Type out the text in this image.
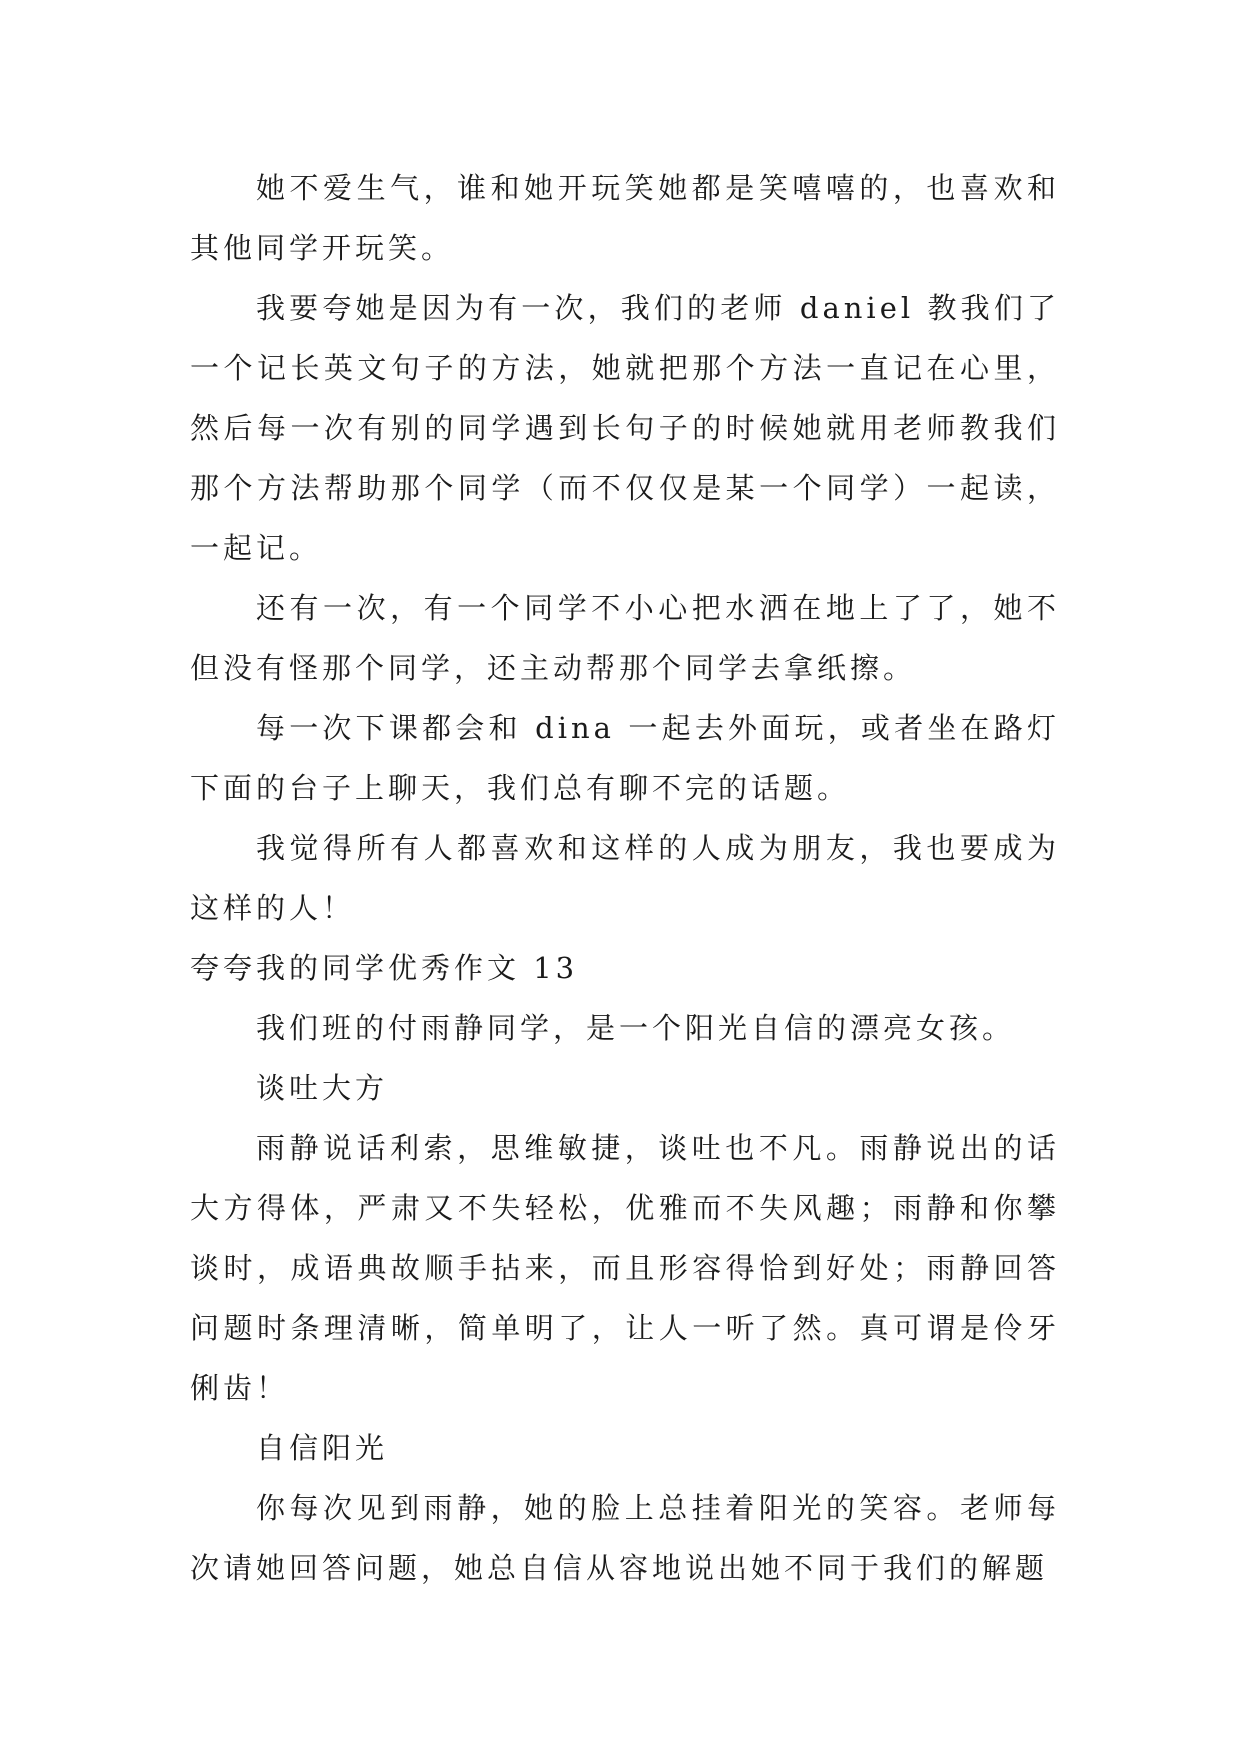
她不爱生气，谁和她开玩笑她都是笑嘻嘻的，也喜欢和其他同学开玩笑。

我要夸她是因为有一次，我们的老师 daniel 教我们了一个记长英文句子的方法，她就把那个方法一直记在心里，然后每一次有别的同学遇到长句子的时候她就用老师教我们那个方法帮助那个同学（而不仅仅是某一个同学）一起读，一起记。

还有一次，有一个同学不小心把水洒在地上了了，她不但没有怪那个同学，还主动帮那个同学去拿纸擦。

每一次下课都会和 dina 一起去外面玩，或者坐在路灯下面的台子上聊天，我们总有聊不完的话题。

我觉得所有人都喜欢和这样的人成为朋友，我也要成为这样的人！

夸夸我的同学优秀作文 13

我们班的付雨静同学，是一个阳光自信的漂亮女孩。

谈吐大方

雨静说话利索，思维敏捷，谈吐也不凡。雨静说出的话大方得体，严肃又不失轻松，优雅而不失风趣；雨静和你攀谈时，成语典故顺手拈来，而且形容得恰到好处；雨静回答问题时条理清晰，简单明了，让人一听了然。真可谓是伶牙俐齿！

自信阳光

你每次见到雨静，她的脸上总挂着阳光的笑容。老师每次请她回答问题，她总自信从容地说出她不同于我们的解题
